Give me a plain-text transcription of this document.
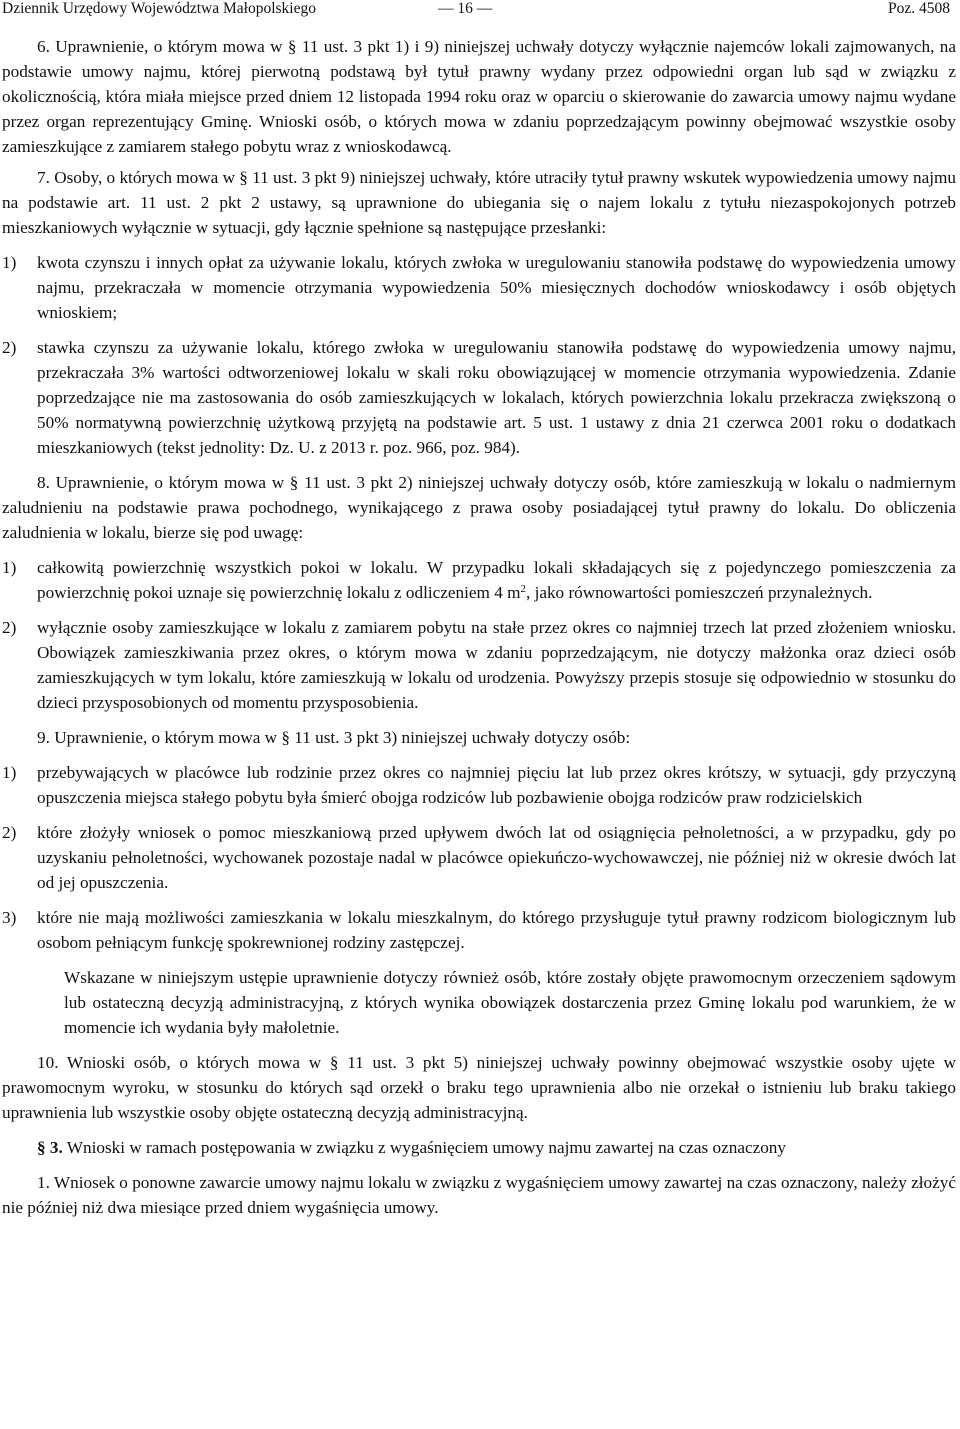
Dziennik Urzędowy Województwa Małopolskiego	— 16 —	Poz. 4508

6. Uprawnienie, o którym mowa w § 11 ust. 3 pkt 1) i 9) niniejszej uchwały dotyczy wyłącznie najemców lokali zajmowanych, na podstawie umowy najmu, której pierwotną podstawą był tytuł prawny wydany przez odpowiedni organ lub sąd w związku z okolicznością, która miała miejsce przed dniem 12 listopada 1994 roku oraz w oparciu o skierowanie do zawarcia umowy najmu wydane przez organ reprezentujący Gminę. Wnioski osób, o których mowa w zdaniu poprzedzającym powinny obejmować wszystkie osoby zamieszkujące z zamiarem stałego pobytu wraz z wnioskodawcą.

7. Osoby, o których mowa w § 11 ust. 3 pkt 9) niniejszej uchwały, które utraciły tytuł prawny wskutek wypowiedzenia umowy najmu na podstawie art. 11 ust. 2 pkt 2 ustawy, są uprawnione do ubiegania się o najem lokalu z tytułu niezaspokojonych potrzeb mieszkaniowych wyłącznie w sytuacji, gdy łącznie spełnione są następujące przesłanki:

1) kwota czynszu i innych opłat za używanie lokalu, których zwłoka w uregulowaniu stanowiła podstawę do wypowiedzenia umowy najmu, przekraczała w momencie otrzymania wypowiedzenia 50% miesięcznych dochodów wnioskodawcy i osób objętych wnioskiem;

2) stawka czynszu za używanie lokalu, którego zwłoka w uregulowaniu stanowiła podstawę do wypowiedzenia umowy najmu, przekraczała 3% wartości odtworzeniowej lokalu w skali roku obowiązującej w momencie otrzymania wypowiedzenia. Zdanie poprzedzające nie ma zastosowania do osób zamieszkujących w lokalach, których powierzchnia lokalu przekracza zwiększoną o 50% normatywną powierzchnię użytkową przyjętą na podstawie art. 5 ust. 1 ustawy z dnia 21 czerwca 2001 roku o dodatkach mieszkaniowych (tekst jednolity: Dz. U. z 2013 r. poz. 966, poz. 984).

8. Uprawnienie, o którym mowa w § 11 ust. 3 pkt 2) niniejszej uchwały dotyczy osób, które zamieszkują w lokalu o nadmiernym zaludnieniu na podstawie prawa pochodnego, wynikającego z prawa osoby posiadającej tytuł prawny do lokalu. Do obliczenia zaludnienia w lokalu, bierze się pod uwagę:

1) całkowitą powierzchnię wszystkich pokoi w lokalu. W przypadku lokali składających się z pojedynczego pomieszczenia za powierzchnię pokoi uznaje się powierzchnię lokalu z odliczeniem 4 $m^2$, jako równowartości pomieszczeń przynależnych.

2) wyłącznie osoby zamieszkujące w lokalu z zamiarem pobytu na stałe przez okres co najmniej trzech lat przed złożeniem wniosku. Obowiązek zamieszkiwania przez okres, o którym mowa w zdaniu poprzedzającym, nie dotyczy małżonka oraz dzieci osób zamieszkujących w tym lokalu, które zamieszkują w lokalu od urodzenia. Powyższy przepis stosuje się odpowiednio w stosunku do dzieci przysposobionych od momentu przysposobienia.

9. Uprawnienie, o którym mowa w § 11 ust. 3 pkt 3) niniejszej uchwały dotyczy osób:

1) przebywających w placówce lub rodzinie przez okres co najmniej pięciu lat lub przez okres krótszy, w sytuacji, gdy przyczyną opuszczenia miejsca stałego pobytu była śmierć obojga rodziców lub pozbawienie obojga rodziców praw rodzicielskich

2) które złożyły wniosek o pomoc mieszkaniową przed upływem dwóch lat od osiągnięcia pełnoletności, a w przypadku, gdy po uzyskaniu pełnoletności, wychowanek pozostaje nadal w placówce opiekuńczo-wychowawczej, nie później niż w okresie dwóch lat od jej opuszczenia.

3) które nie mają możliwości zamieszkania w lokalu mieszkalnym, do którego przysługuje tytuł prawny rodzicom biologicznym lub osobom pełniącym funkcję spokrewnionej rodziny zastępczej.

Wskazane w niniejszym ustępie uprawnienie dotyczy również osób, które zostały objęte prawomocnym orzeczeniem sądowym lub ostateczną decyzją administracyjną, z których wynika obowiązek dostarczenia przez Gminę lokalu pod warunkiem, że w momencie ich wydania były małoletnie.

10. Wnioski osób, o których mowa w § 11 ust. 3 pkt 5) niniejszej uchwały powinny obejmować wszystkie osoby ujęte w prawomocnym wyroku, w stosunku do których sąd orzekł o braku tego uprawnienia albo nie orzekał o istnieniu lub braku takiego uprawnienia lub wszystkie osoby objęte ostateczną decyzją administracyjną.

§ 3. Wnioski w ramach postępowania w związku z wygaśnięciem umowy najmu zawartej na czas oznaczony

1. Wniosek o ponowne zawarcie umowy najmu lokalu w związku z wygaśnięciem umowy zawartej na czas oznaczony, należy złożyć nie później niż dwa miesiące przed dniem wygaśnięcia umowy.
